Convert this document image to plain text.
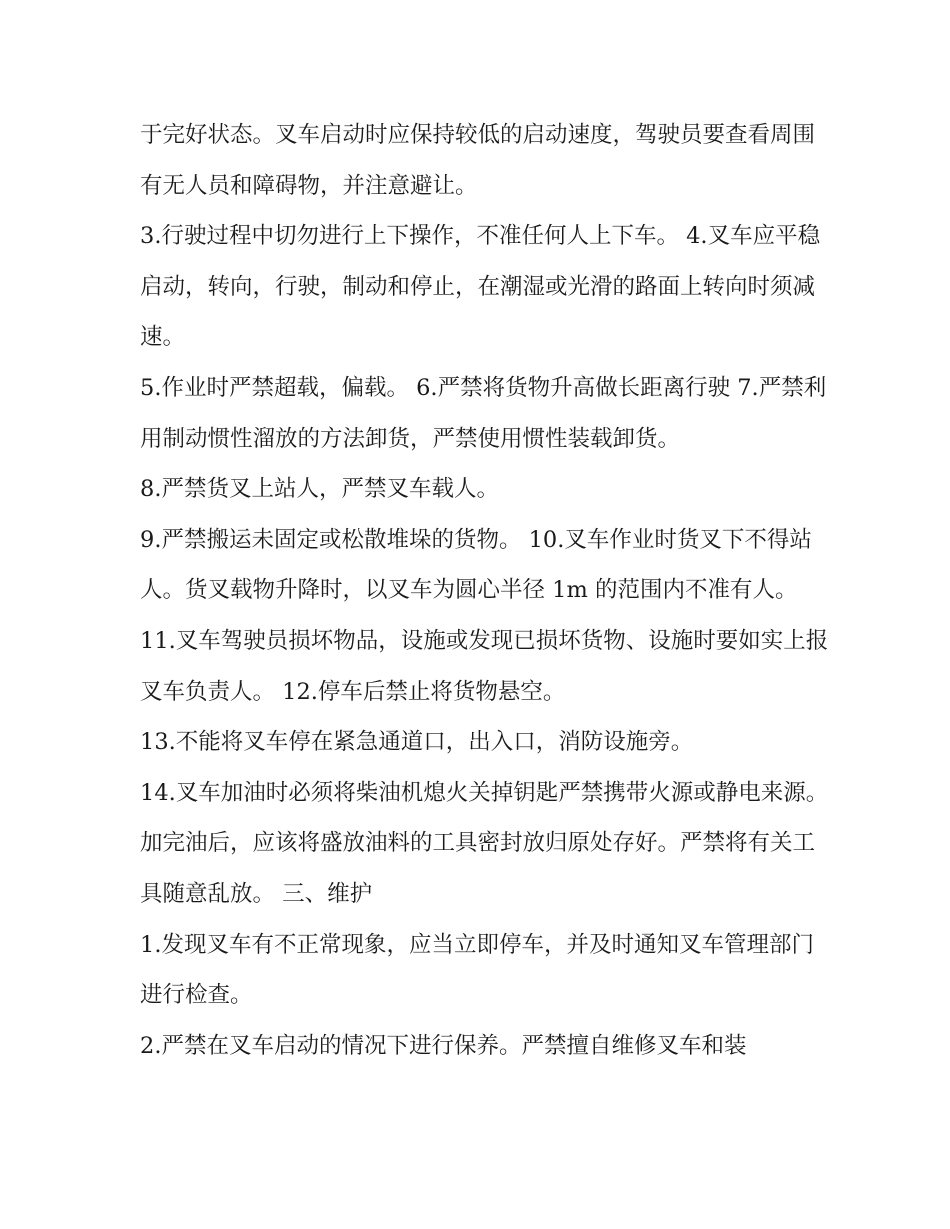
于完好状态。叉车启动时应保持较低的启动速度，驾驶员要查看周围有无人员和障碍物，并注意避让。

3.行驶过程中切勿进行上下操作，不准任何人上下车。 4.叉车应平稳启动，转向，行驶，制动和停止，在潮湿或光滑的路面上转向时须减速。

5.作业时严禁超载，偏载。 6.严禁将货物升高做长距离行驶 7.严禁利用制动惯性溜放的方法卸货，严禁使用惯性装载卸货。

8.严禁货叉上站人，严禁叉车载人。

9.严禁搬运未固定或松散堆垛的货物。 10.叉车作业时货叉下不得站人。货叉载物升降时，以叉车为圆心半径 1m 的范围内不准有人。

11.叉车驾驶员损坏物品，设施或发现已损坏货物、设施时要如实上报叉车负责人。 12.停车后禁止将货物悬空。

13.不能将叉车停在紧急通道口，出入口，消防设施旁。

14.叉车加油时必须将柴油机熄火关掉钥匙严禁携带火源或静电来源。加完油后，应该将盛放油料的工具密封放归原处存好。严禁将有关工具随意乱放。 三、维护

1.发现叉车有不正常现象，应当立即停车，并及时通知叉车管理部门进行检查。

2.严禁在叉车启动的情况下进行保养。严禁擅自维修叉车和装
